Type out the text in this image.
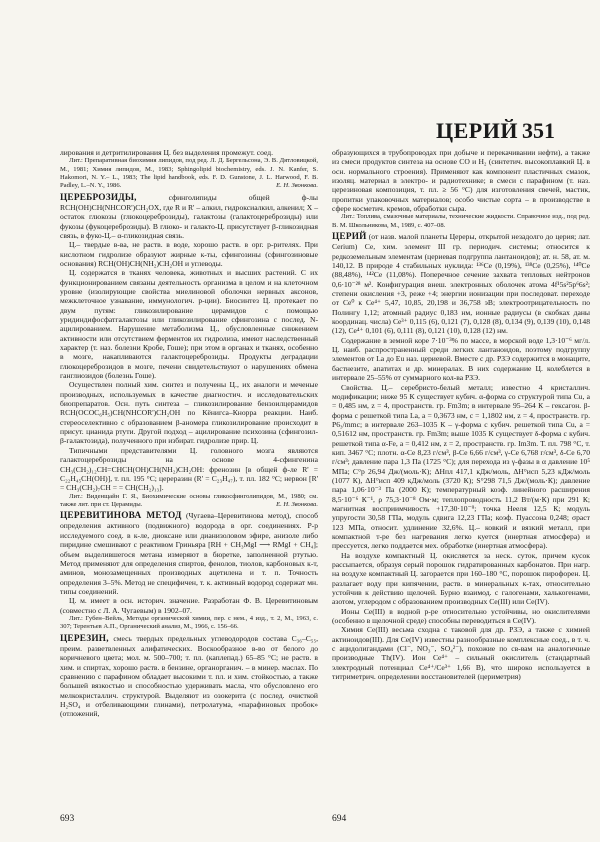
ЦЕРИЙ 351

лирования и детритилирования Ц. без выделения промежут. соед.

Лит.: Препаративная биохимия липидов, под ред. Л. Д. Бергельсона, Э. В. Дятловицкой, М., 1981; Химия липидов, М., 1983; Sphingolipid biochemistry, eds. J. N. Kanfer, S. Hakomori, N. Y.– L., 1983; The lipid handbook, eds. F. D. Gunstone, J. L. Harwood, F. B. Padley, L.–N. Y., 1986.	Е. Н. Звонкова.

ЦЕРЕБРОЗИДЫ, сфинголипиды общей ф-лы RCH(OH)CH(NHCOR')CH₂OX, где R и R' – алкил, гидроксиалкил, алкенил; Х – остаток глюкозы (глюкоцереброзиды), галактозы (галактоцереброзиды) или фукозы (фукоцереброзиды). В глюко- и галакто-Ц. присутствует β-гликозидная связь, в фуко-Ц.– α-гликозидная связь.

Ц.– твердые в-ва, не раств. в воде, хорошо раств. в орг. р-рителях. При кислотном гидролизе образуют жирные к-ты, сфингозины (сфингозиновые основания) RCH(OH)CH(NH₂)CH₂OH и углеводы.

Ц. содержатся в тканях человека, животных и высших растений. С их функционированием связаны деятельность организма в целом и на клеточном уровне (изолирующие свойства миелиновой оболочки нервных аксонов, межклеточное узнавание, иммунологич. р-ции). Биосинтез Ц. протекает по двум путям: гликозилирование церамидов с помощью уридиндифосфатгалактозы или гликозилирование сфингозина с послед. N-ацилированием. Нарушение метаболизма Ц., обусловленные снижением активности или отсутствием ферментов их гидролиза, имеют наследственный характер (т. наз. болезни Кробе, Гоше); при этом в органах и тканях, особенно в мозге, накапливаются галактоцереброзиды. Продукты деградации глюкоцереброзидов в мозге, печени свидетельствуют о нарушениях обмена ганглиозидов (болезнь Гоше).

Осуществлен полный хим. синтез и получены Ц., их аналоги и меченые производных, используемых в качестве диагностич. и исследовательских биопрепаратов. Осн. путь синтеза – гликозилирование бензоилцерамидов RCH(OCOC₆H₅)CH(NHCOR')CH₂OH по Кёнигса–Кнорра реакции. Наиб. стереоселективно с образованием β-аномера гликозилирование происходит в присут. цианида ртути. Другой подход – ацилирование психозина (сфингозил-β-галактозида), полученного при избират. гидролизе прир. Ц.

Типичными представителями Ц. головного мозга являются галактоцереброзиды на основе 4-сфингенина CH₃(CH₂)₁₂CH=CHCH(OH)CH(NH₂)CH₂OH: френозин [в общей ф-ле R' = C₂₂H₄₅CH(OH)], т. пл. 195 °C; цереразин (R' = C₂₃H₄₇), т. пл. 182 °C; нервон [R' = CH₃(CH₂)₇CH = = CH(CH₂)₁₃].

Лит.: Виденщайн Г. Я., Биохимические основы гликосфинголипидов, М., 1980; см. также лит. при ст. Церамиды.	Е. Н. Звонкова.

ЦЕРЕВИТИНОВА МЕТОД (Чугаева–Церевитинова метод), способ определения активного (подвижного) водорода в орг. соединениях. Р-р исследуемого соед. в к-ле, диоксане или дианизоловом эфире, анизоле либо пиридине смешивают с реактивом Гриньяра [RH + CH₃MgI ⟶ RMgI + CH₄]; объем выделившегося метана измеряют в бюретке, заполненной ртутью. Метод применяют для определения спиртов, фенолов, тиолов, карбоновых к-т, аминов, монозамещенных производных ацетилена и т. п. Точность определения 3–5%. Метод не специфичен, т. к. активный водород содержат мн. типы соединений.

Ц. м. имеет в осн. историч. значение. Разработан Ф. В. Церевитиновым (совместно с Л. А. Чугаевым) в 1902–07.

Лит.: Губен–Вейль, Методы органической химии, пер. с нем., 4 изд., т. 2, М., 1963, с. 307; Терентьев А.П., Органический анализ, М., 1966, с. 156–66.

ЦЕРЕЗИН, смесь твердых предельных углеводородов состава C₃₆–C₅₅, преим. разветвленных алифатических. Воскообразное в-во от белого до коричневого цвета; мол. м. 500–700; т. пл. (каплепад.) 65–85 °C; не раств. в хим. и спиртах, хорошо раств. в бензине, органорганич. – в минер. маслах. По сравнению с парафином обладает высокими т. пл. и хим. стойкостью, а также большей вязкостью и способностью удерживать масла, что обусловлено его мелкокристаллич. структурой. Выделяют из озокерита (с послед. очисткой H₂SO₄ и отбеливающими глинами), петролатума, «парафиновых пробок» (отложений,

образующихся в трубопроводах при добыче и перекачивании нефти), а также из смеси продуктов синтеза на основе CO и H₂ (синтетич. высокоплавкий Ц. в осн. нормального строения). Применяют как компонент пластичных смазок, изоляц. материал в электро- и радиотехнике; в смеси с парафином (т. наз. церезиновая композиция, т. пл. ≥ 56 °C) для изготовления свечей, мастик, пропитки упаковочных материалов; особо чистые сорта – в производстве в сфере косметич. кремов, обработки сыра.

Лит.: Топлива, смазочные материалы, технические жидкости. Справочное изд., под ред. В. М. Школьникова, М., 1989, с. 407–08.

ЦЕРИЙ (от назв. малой планеты Цереры, открытой незадолго до церия; лат. Cerium) Ce, хим. элемент III гр. периодич. системы; относится к редкоземельным элементам (цериевая подгруппа лантаноидов); ат. н. 58, ат. м. 140,12. В природе 4 стабильных нуклида: ¹³⁶Ce (0,19%), ¹³⁸Ce (0,25%), ¹⁴⁰Ce (88,48%), ¹⁴²Ce (11,08%). Поперечное сечение захвата тепловых нейтронов 0,6·10⁻²⁸ м². Конфигурация внеш. электронных оболочек атома 4f¹5s²5p⁶6s²; степени окисления +3, реже +4; энергии ионизации при последоват. переходе от Ce⁰ к Ce⁴⁺ 5,47, 10,85, 20,198 и 36,758 эВ; электроотрицательность по Полингу 1,12; атомный радиус 0,183 нм, ионные радиусы (в скобках даны координац. числа) Ce³⁺ 0,115 (6), 0,121 (7), 0,128 (8), 0,134 (9), 0,139 (10), 0,148 (12), Ce⁴⁺ 0,101 (6), 0,111 (8), 0,121 (10), 0,128 (12) нм.

Содержание в земной коре 7·10⁻³% по массе, в морской воде 1,3·10⁻⁶ мг/л. Ц. наиб. распространенный среди легких лантаноидов, поэтому подгруппу элементов от La до Eu наз. цериевой. Вместе с др. РЗЭ содержится в монаците, бастнезите, апатитах и др. минералах. В них содержание Ц. колеблется в интервале 25–55% от суммарного кол-ва РЗЭ.

Свойства. Ц.– серебристо-белый металл; известно 4 кристаллич. модификации; ниже 95 К существует кубич. α-форма со структурой типа Cu, a = 0,485 нм, z = 4, пространств. гр. Fm3m; в интервале 95–264 К – гексагон. β-форма с решеткой типа La, a = 0,3673 нм, c = 1,1802 нм, z = 4, пространств. гр. P6₃/mmc; в интервале 263–1035 К – γ-форма с кубич. решеткой типа Cu, a = 0,51612 нм, пространств. гр. Fm3m; выше 1035 К существует δ-форма с кубич. решеткой типа α-Fe, a = 0,412 нм, z = 2, пространств. гр. Im3m. Т. пл. 798 °C, т. кип. 3467 °C; плотн. α-Ce 8,23 г/см³, β-Ce 6,66 г/см³, γ-Ce 6,768 г/см³, δ-Ce 6,70 г/см³; давление пара 1,3 Па (1725 °C); для перехода из γ-фазы в α давление 10⁵ МПа; C°p 26,94 Дж/(моль·К); ΔHпл 417,1 кДж/моль, ΔH°исп 5,23 кДж/моль (1077 К), ΔH°исп 409 кДж/моль (3720 К); S°298 71,5 Дж/(моль·К); давление пара 1,06·10⁻³ Па (2000 К); температурный коэф. линейного расширения 8,5·10⁻⁶ К⁻¹, ρ 75,3·10⁻⁸ Ом·м; теплопроводность 11,2 Вт/(м·К) при 291 К; магнитная восприимчивость +17,30·10⁻⁹; точка Нееля 12,5 К; модуль упругости 30,58 ГПа, модуль сдвига 12,23 ГПа; коэф. Пуассона 0,248; σраст 123 МПа, относит. удлинение 32,6%. Ц.– ковкий и вязкий металл, при компактной т-ре без нагревания легко куется (инертная атмосфера) и прессуется, легко поддается мех. обработке (инертная атмосфера).

На воздухе компактный Ц. окисляется за неск. суток, причем кусок рассыпается, образуя серый порошок гидратированных карбонатов. При нагр. на воздухе компактный Ц. загорается при 160–180 °C, порошок пирофорен. Ц. разлагает воду при кипячении, раств. в минеральных к-тах, относительно устойчив к действию щелочей. Бурно взаимод. с галогенами, халькогенами, азотом, углеродом с образованием производных Ce(III) или Ce(IV).

Ионы Ce(III) в водной р-ре относительно устойчивы, но окислителями (особенно в щелочной среде) способны переводиться в Ce(IV).

Химия Ce(III) весьма сходна с таковой для др. РЗЭ, а также с химией актиноидов(III). Для Ce(IV) известны разнообразные комплексные соед., в т. ч. с ацидолигандами (Cl⁻, NO₃⁻, SO₄²⁻), похожие по св-вам на аналогичные производные Th(IV). Ион Ce⁴⁺ – сильный окислитель (стандартный электродный потенциал Ce⁴⁺/Ce³⁺ 1,66 В), что широко используется в титриметрич. определении восстановителей (цериметрия)

693	694
